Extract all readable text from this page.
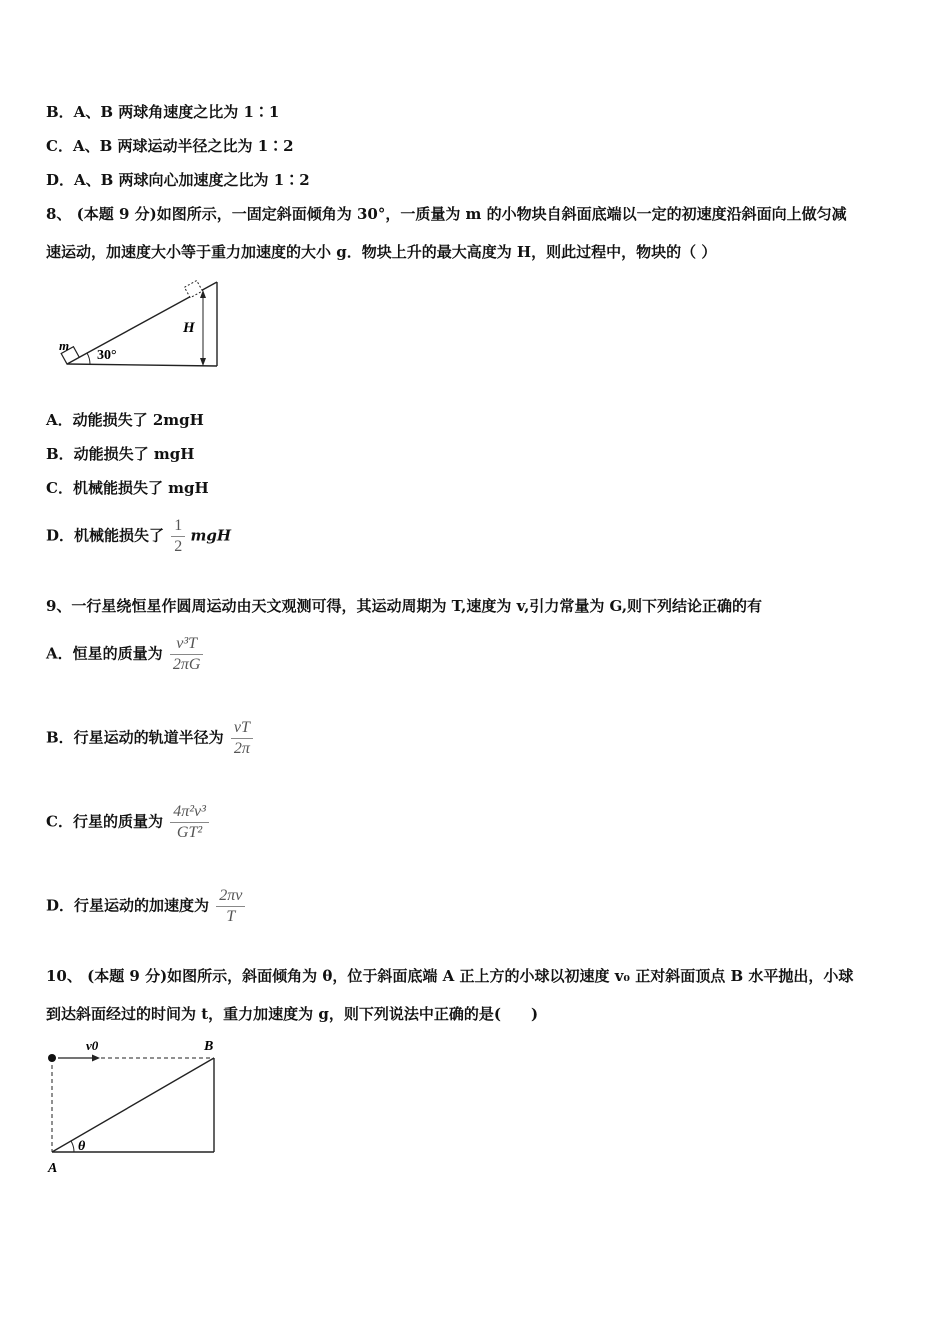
B．A、B 两球角速度之比为 1∶1
C．A、B 两球运动半径之比为 1∶2
D．A、B 两球向心加速度之比为 1∶2
8、 (本题 9 分)如图所示，一固定斜面倾角为 30°，一质量为 m 的小物块自斜面底端以一定的初速度沿斜面向上做匀减
速运动，加速度大小等于重力加速度的大小 g．物块上升的最大高度为 H，则此过程中，物块的（ ）
m
30°
H
A．动能损失了 2mgH
B．动能损失了 mgH
C．机械能损失了 mgH
D．机械能损失了 $\frac{1}{2}$ mgH
9、一行星绕恒星作圆周运动由天文观测可得，其运动周期为 T,速度为 v,引力常量为 G,则下列结论正确的有
A．恒星的质量为 $\frac{\text{v³T}}{2\pi G}$
B．行星运动的轨道半径为 $\frac{vT}{2\pi}$
C．行星的质量为 $\frac{\text{4π²v³}}{\text{GT²}}$
D．行星运动的加速度为 $\frac{2\pi v}{T}$
10、 (本题 9 分)如图所示，斜面倾角为 θ，位于斜面底端 A 正上方的小球以初速度 v₀ 正对斜面顶点 B 水平抛出，小球
到达斜面经过的时间为 t，重力加速度为 g，则下列说法中正确的是(　　)
v0	B
A
θ
